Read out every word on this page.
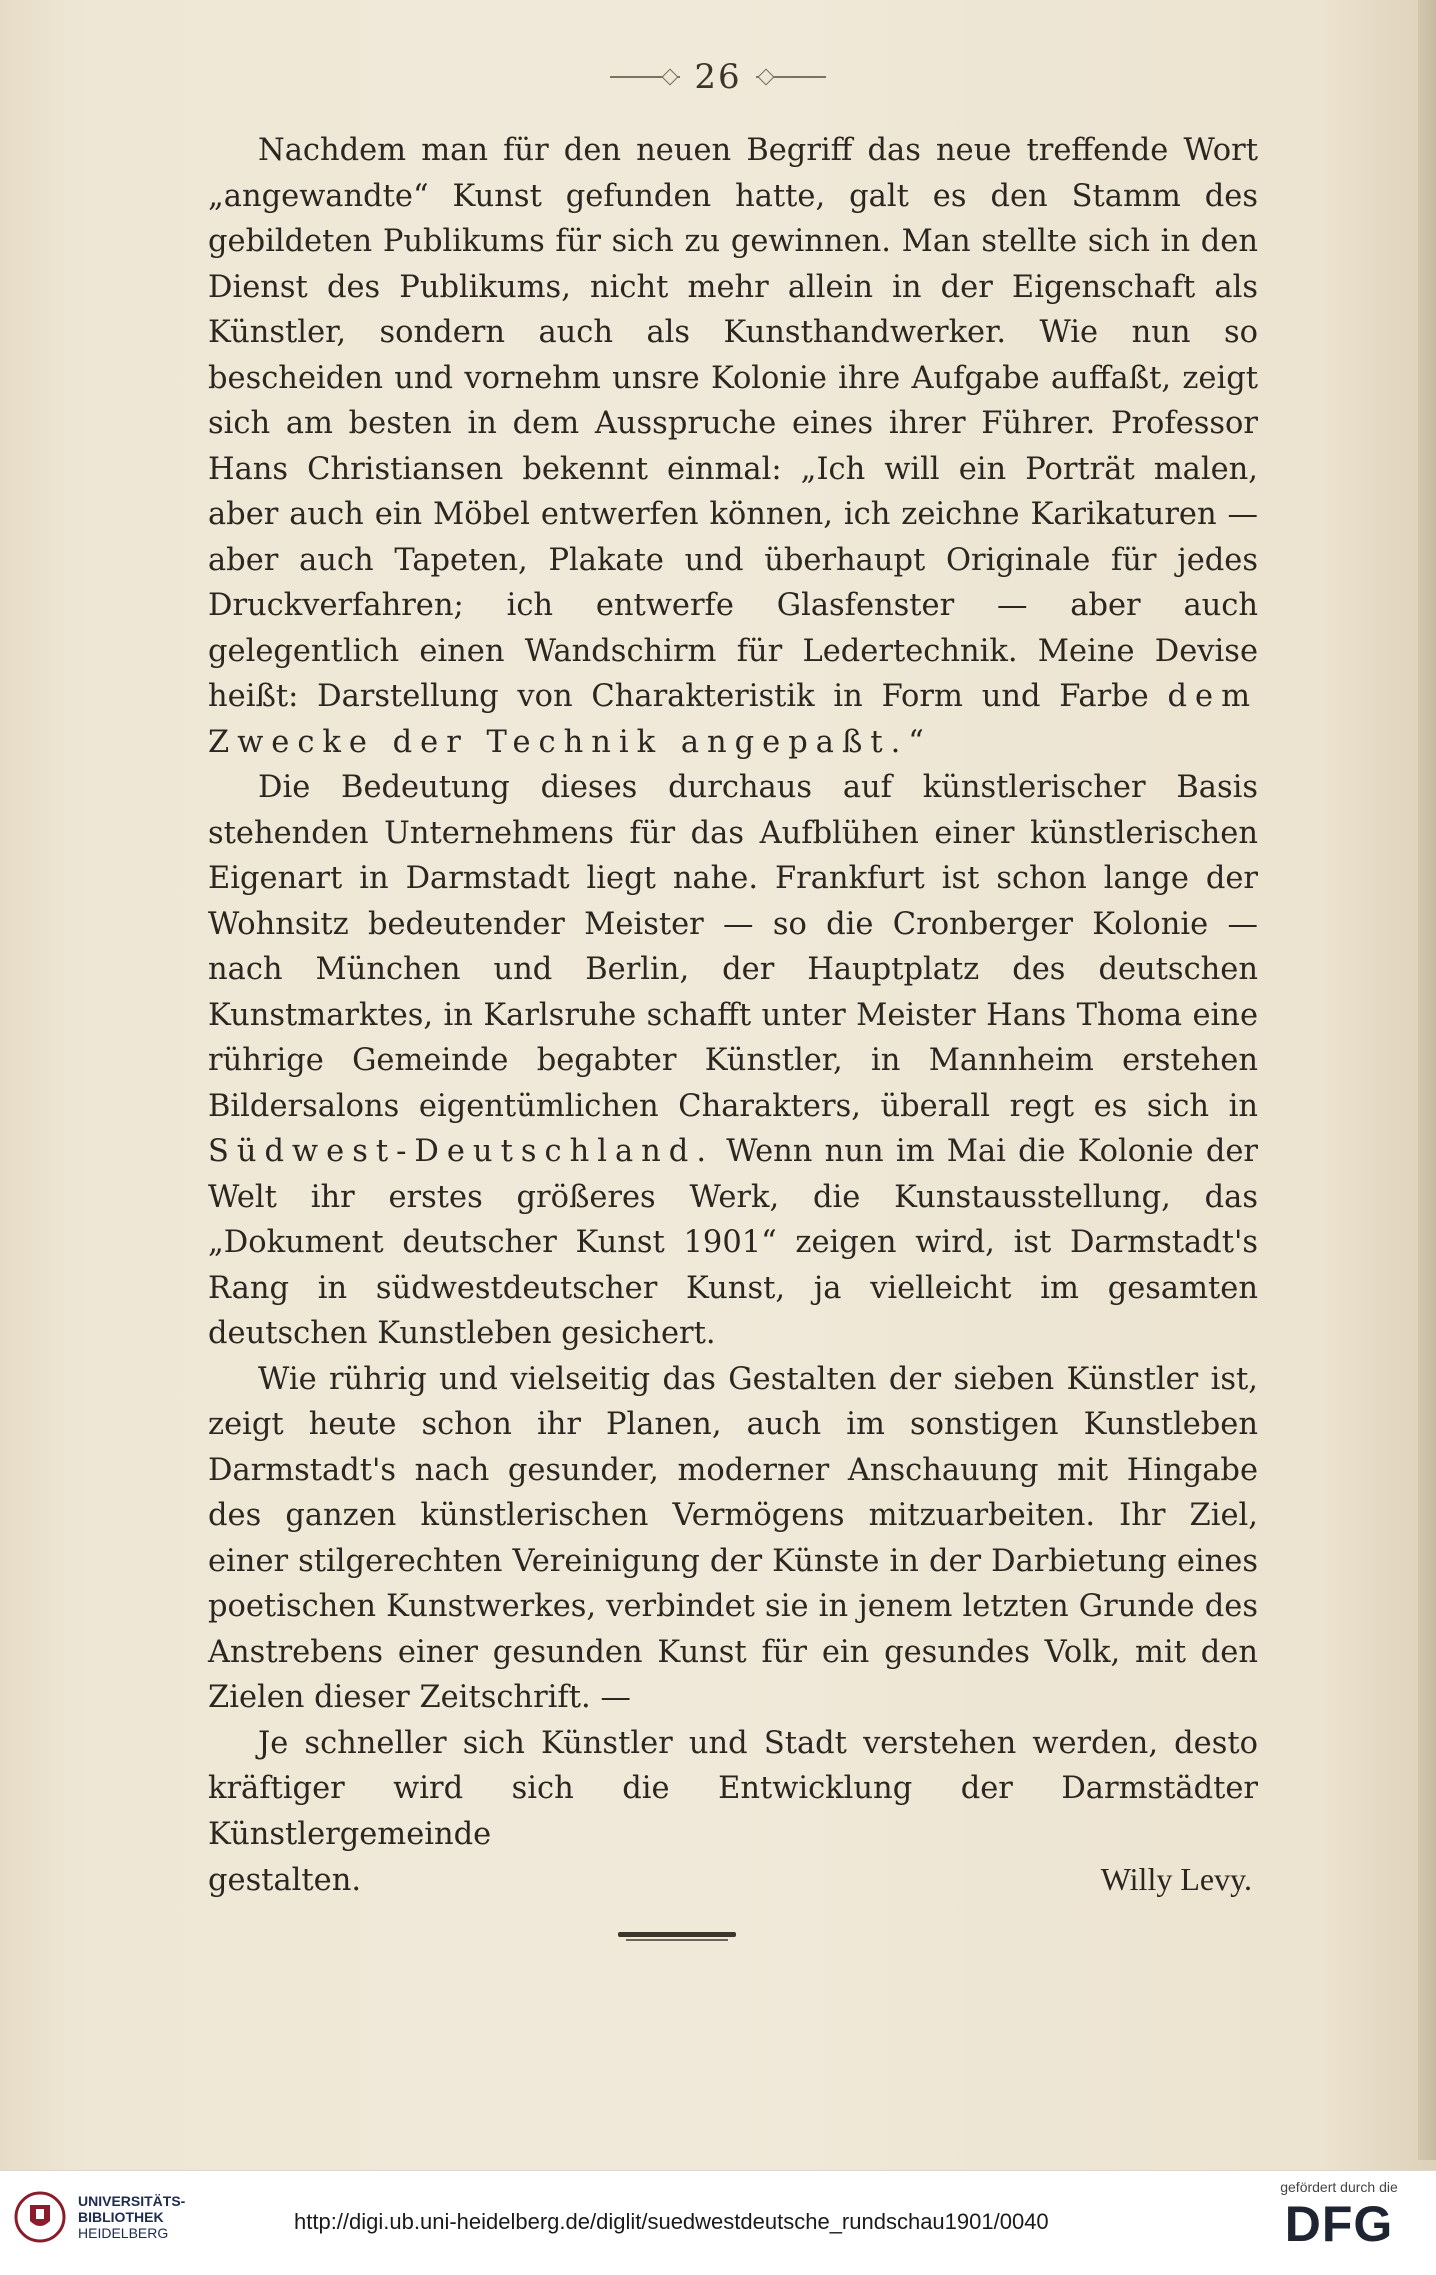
26

Nachdem man für den neuen Begriff das neue treffende Wort „angewandte“ Kunst gefunden hatte, galt es den Stamm des gebildeten Publikums für sich zu gewinnen. Man stellte sich in den Dienst des Publikums, nicht mehr allein in der Eigenschaft als Künstler, sondern auch als Kunsthandwerker. Wie nun so bescheiden und vornehm unsre Kolonie ihre Aufgabe auffaßt, zeigt sich am besten in dem Ausspruche eines ihrer Führer. Professor Hans Christiansen bekennt einmal: „Ich will ein Porträt malen, aber auch ein Möbel entwerfen können, ich zeichne Karikaturen — aber auch Tapeten, Plakate und überhaupt Originale für jedes Druckverfahren; ich entwerfe Glasfenster — aber auch gelegentlich einen Wandschirm für Ledertechnik. Meine Devise heißt: Darstellung von Charakteristik in Form und Farbe dem Zwecke der Technik angepaßt.“

Die Bedeutung dieses durchaus auf künstlerischer Basis stehenden Unternehmens für das Aufblühen einer künstlerischen Eigenart in Darmstadt liegt nahe. Frankfurt ist schon lange der Wohnsitz bedeutender Meister — so die Cronberger Kolonie — nach München und Berlin, der Hauptplatz des deutschen Kunstmarktes, in Karlsruhe schafft unter Meister Hans Thoma eine rührige Gemeinde begabter Künstler, in Mannheim erstehen Bildersalons eigentümlichen Charakters, überall regt es sich in Südwest-Deutschland. Wenn nun im Mai die Kolonie der Welt ihr erstes größeres Werk, die Kunstausstellung, das „Dokument deutscher Kunst 1901“ zeigen wird, ist Darmstadt's Rang in südwestdeutscher Kunst, ja vielleicht im gesamten deutschen Kunstleben gesichert.

Wie rührig und vielseitig das Gestalten der sieben Künstler ist, zeigt heute schon ihr Planen, auch im sonstigen Kunstleben Darmstadt's nach gesunder, moderner Anschauung mit Hingabe des ganzen künstlerischen Vermögens mitzuarbeiten. Ihr Ziel, einer stilgerechten Vereinigung der Künste in der Darbietung eines poetischen Kunstwerkes, verbindet sie in jenem letzten Grunde des Anstrebens einer gesunden Kunst für ein gesundes Volk, mit den Zielen dieser Zeitschrift. —

Je schneller sich Künstler und Stadt verstehen werden, desto kräftiger wird sich die Entwicklung der Darmstädter Künstlergemeinde

gestalten.	Willy Levy.
UNIVERSITÄTS-
BIBLIOTHEK
HEIDELBERG	http://digi.ub.uni-heidelberg.de/diglit/suedwestdeutsche_rundschau1901/0040
gefördert durch die
DFG
